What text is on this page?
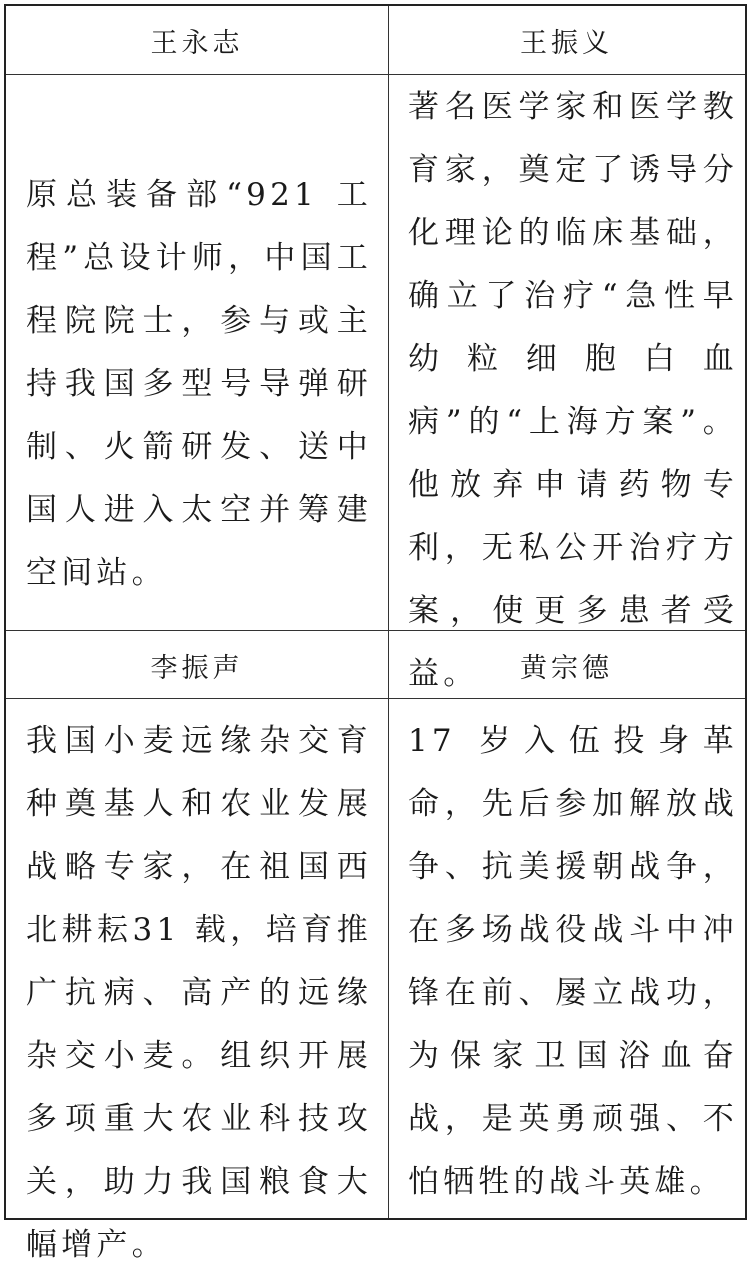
王永志	王振义
原总装备部“921 工程”总设计师，中国工程院院士，参与或主持我国多型号导弹研制、火箭研发、送中国人进入太空并筹建空间站。
著名医学家和医学教育家，奠定了诱导分化理论的临床基础，确立了治疗“急性早幼粒细胞白血病”的“上海方案”。他放弃申请药物专利，无私公开治疗方案，使更多患者受益。
李振声	黄宗德
我国小麦远缘杂交育种奠基人和农业发展战略专家，在祖国西北耕耘31 载，培育推广抗病、高产的远缘杂交小麦。组织开展多项重大农业科技攻关，助力我国粮食大幅增产。
17 岁入伍投身革命，先后参加解放战争、抗美援朝战争，在多场战役战斗中冲锋在前、屡立战功，为保家卫国浴血奋战，是英勇顽强、不怕牺牲的战斗英雄。
